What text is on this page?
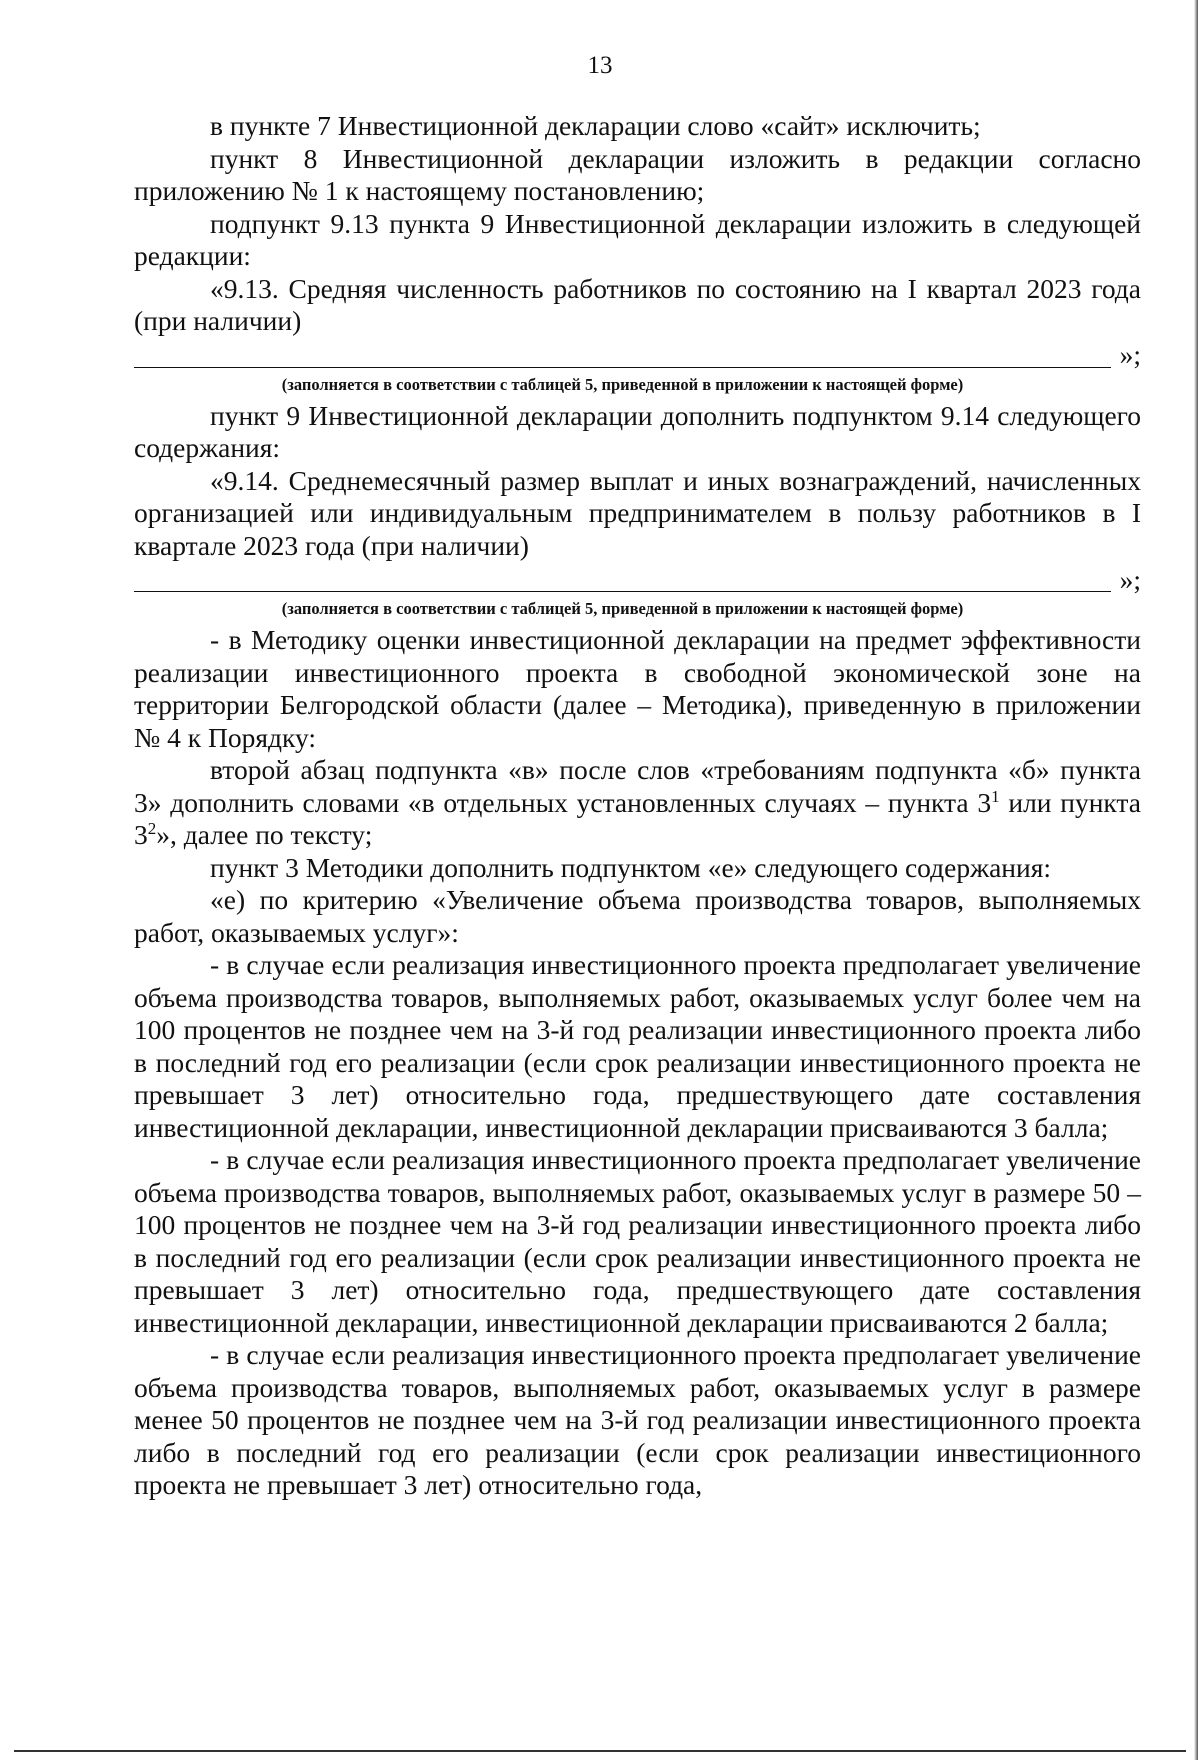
13

в пункте 7 Инвестиционной декларации слово «сайт» исключить;

пункт 8 Инвестиционной декларации изложить в редакции согласно приложению № 1 к настоящему постановлению;

подпункт 9.13 пункта 9 Инвестиционной декларации изложить в следующей редакции:

«9.13. Средняя численность работников по состоянию на I квартал 2023 года (при наличии)

»;

(заполняется в соответствии с таблицей 5, приведенной в приложении к настоящей форме)

пункт 9 Инвестиционной декларации дополнить подпунктом 9.14 следующего содержания:

«9.14. Среднемесячный размер выплат и иных вознаграждений, начисленных организацией или индивидуальным предпринимателем в пользу работников в I квартале 2023 года (при наличии)

»;

(заполняется в соответствии с таблицей 5, приведенной в приложении к настоящей форме)

- в Методику оценки инвестиционной декларации на предмет эффективности реализации инвестиционного проекта в свободной экономической зоне на территории Белгородской области (далее – Методика), приведенную в приложении № 4 к Порядку:

второй абзац подпункта «в» после слов «требованиям подпункта «б» пункта 3» дополнить словами «в отдельных установленных случаях – пункта $3^1$ или пункта $3^2$», далее по тексту;

пункт 3 Методики дополнить подпунктом «е» следующего содержания:

«е) по критерию «Увеличение объема производства товаров, выполняемых работ, оказываемых услуг»:

- в случае если реализация инвестиционного проекта предполагает увеличение объема производства товаров, выполняемых работ, оказываемых услуг более чем на 100 процентов не позднее чем на 3-й год реализации инвестиционного проекта либо в последний год его реализации (если срок реализации инвестиционного проекта не превышает 3 лет) относительно года, предшествующего дате составления инвестиционной декларации, инвестиционной декларации присваиваются 3 балла;

- в случае если реализация инвестиционного проекта предполагает увеличение объема производства товаров, выполняемых работ, оказываемых услуг в размере 50 – 100 процентов не позднее чем на 3-й год реализации инвестиционного проекта либо в последний год его реализации (если срок реализации инвестиционного проекта не превышает 3 лет) относительно года, предшествующего дате составления инвестиционной декларации, инвестиционной декларации присваиваются 2 балла;

- в случае если реализация инвестиционного проекта предполагает увеличение объема производства товаров, выполняемых работ, оказываемых услуг в размере менее 50 процентов не позднее чем на 3-й год реализации инвестиционного проекта либо в последний год его реализации (если срок реализации инвестиционного проекта не превышает 3 лет) относительно года,
